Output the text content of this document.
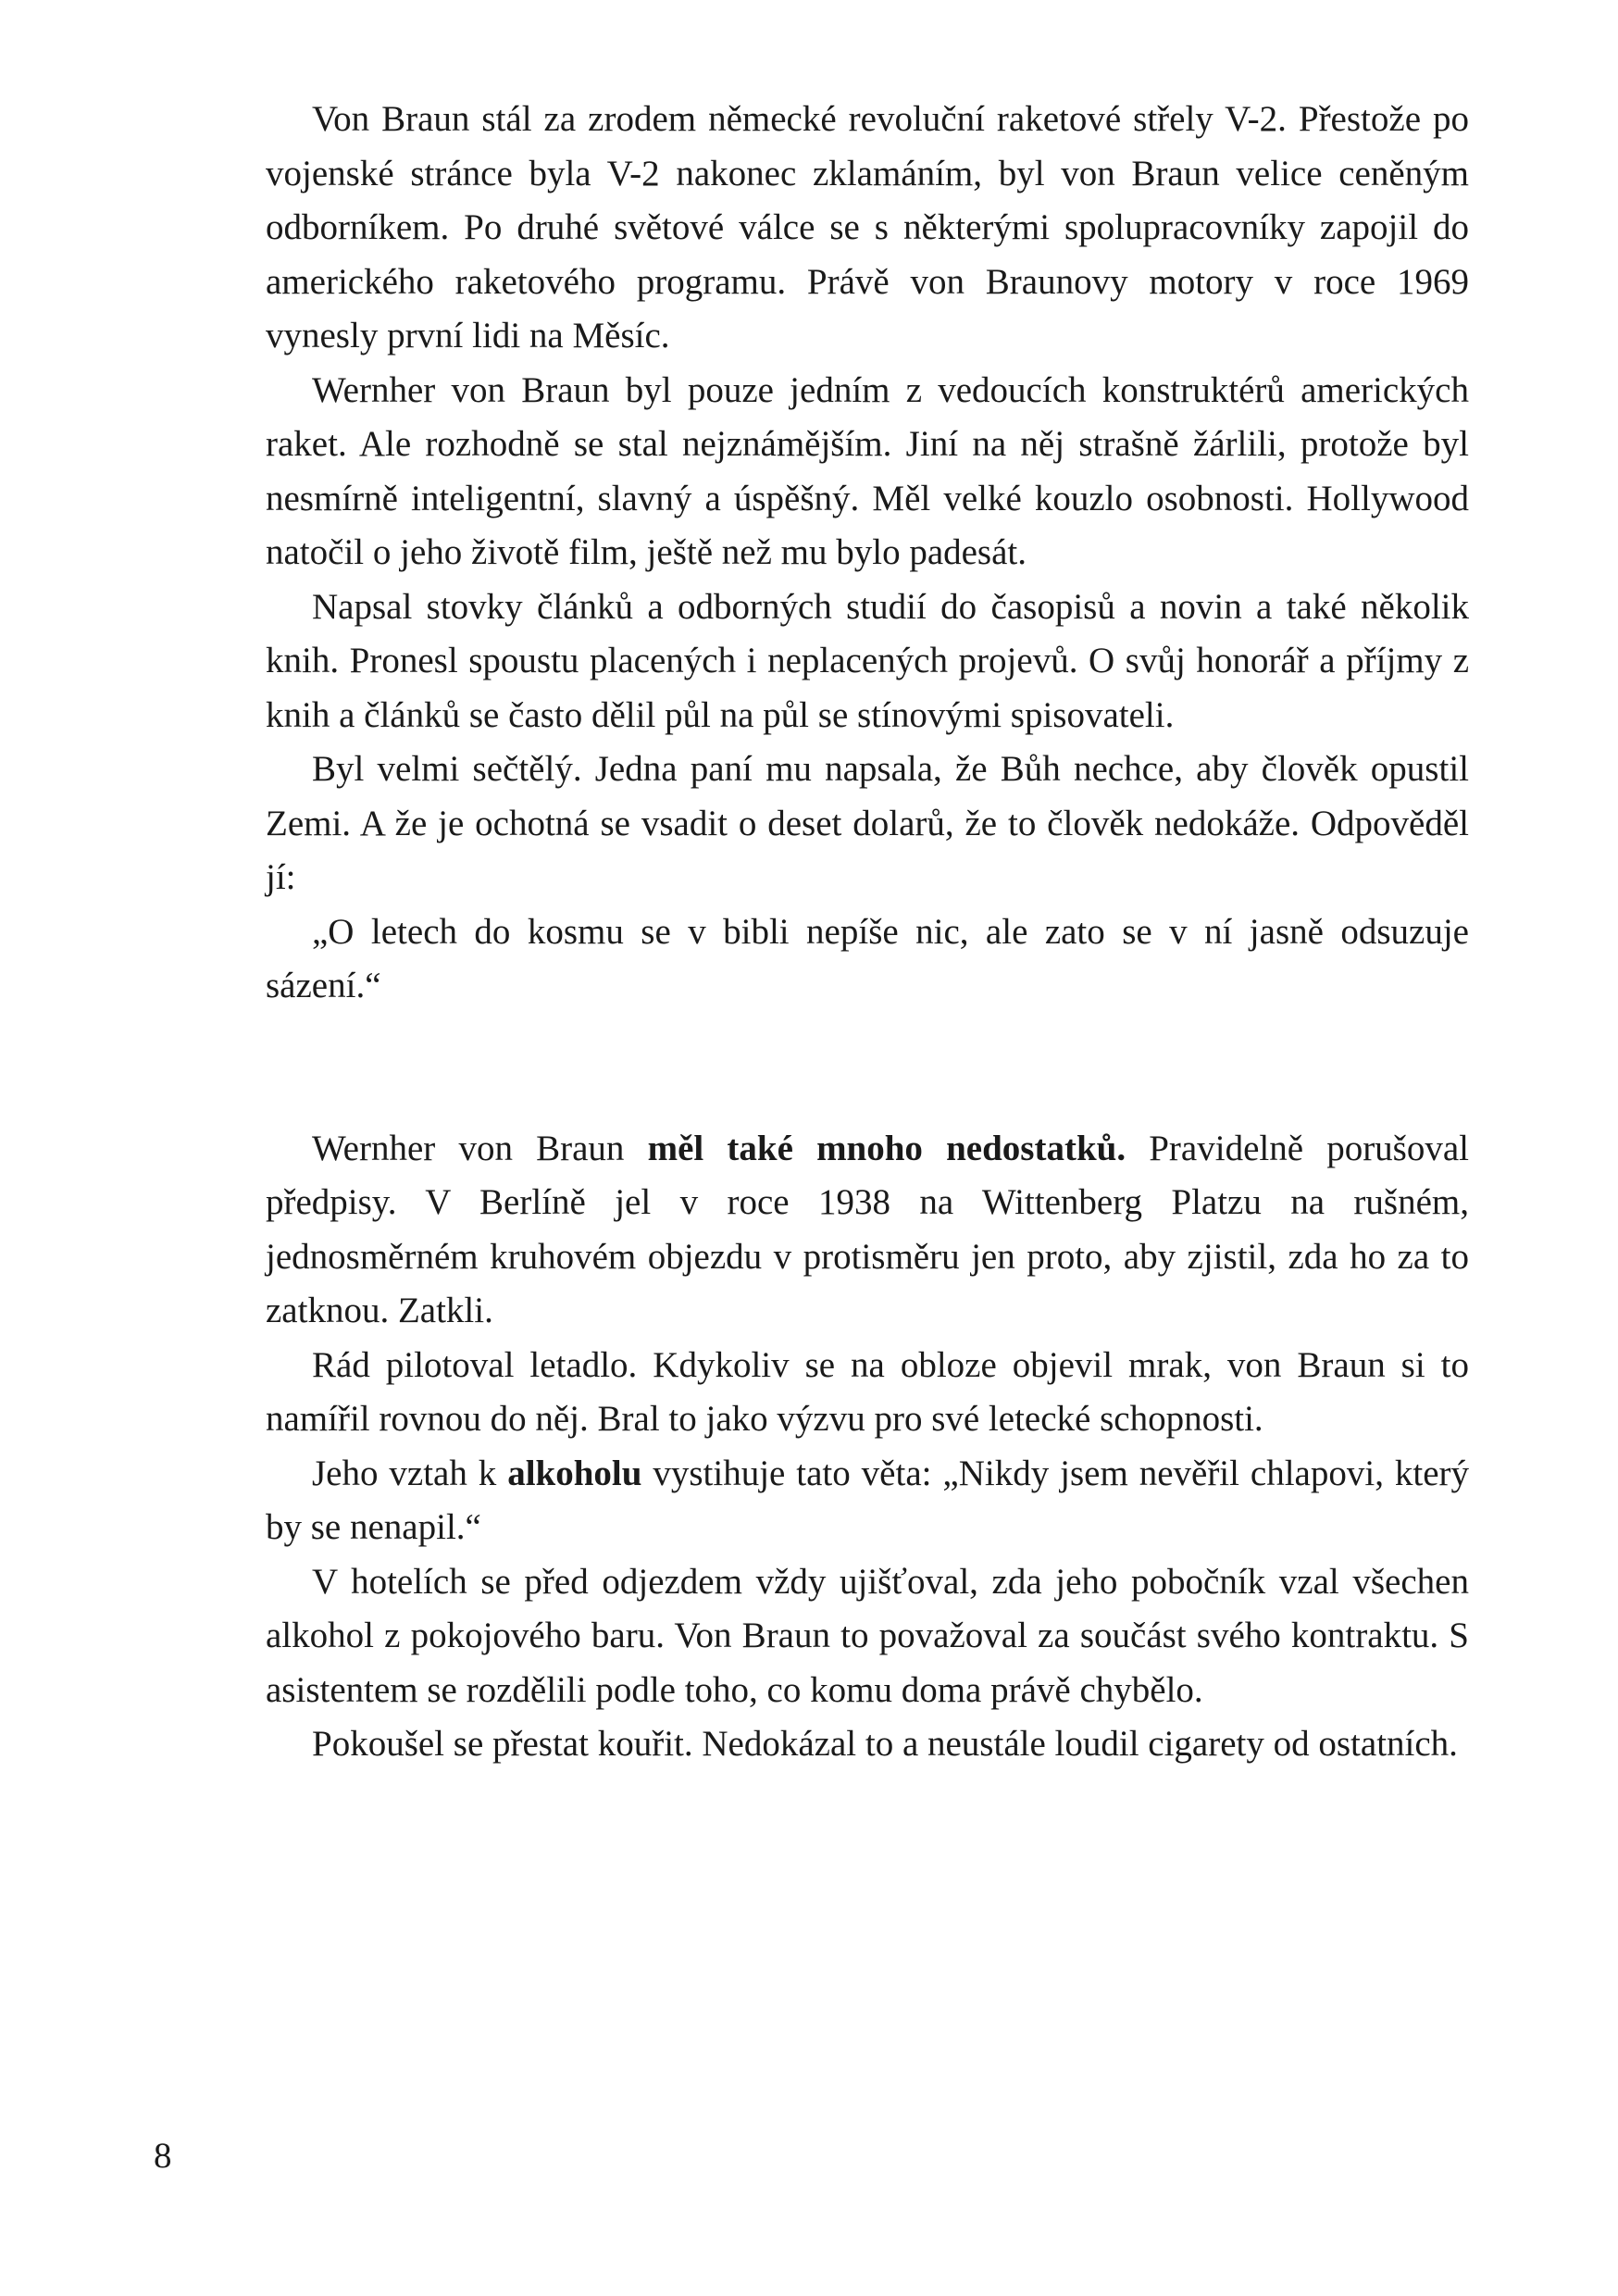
Von Braun stál za zrodem německé revoluční raketové střely V-2. Přestože po vojenské stránce byla V-2 nakonec zklamáním, byl von Braun velice ceněným odborníkem. Po druhé světové válce se s některými spolupracovníky zapojil do amerického raketového programu. Právě von Braunovy motory v roce 1969 vynesly první lidi na Měsíc.

Wernher von Braun byl pouze jedním z vedoucích konstruktérů amerických raket. Ale rozhodně se stal nejznámějším. Jiní na něj strašně žárlili, protože byl nesmírně inteligentní, slavný a úspěšný. Měl velké kouzlo osobnosti. Hollywood natočil o jeho životě film, ještě než mu bylo padesát.

Napsal stovky článků a odborných studií do časopisů a novin a také několik knih. Pronesl spoustu placených i neplacených projevů. O svůj honorář a příjmy z knih a článků se často dělil půl na půl se stínovými spisovateli.

Byl velmi sečtělý. Jedna paní mu napsala, že Bůh nechce, aby člověk opustil Zemi. A že je ochotná se vsadit o deset dolarů, že to člověk nedokáže. Odpověděl jí:

„O letech do kosmu se v bibli nepíše nic, ale zato se v ní jasně odsuzuje sázení.“

Wernher von Braun měl také mnoho nedostatků. Pravidelně porušoval předpisy. V Berlíně jel v roce 1938 na Wittenberg Platzu na rušném, jednosměrném kruhovém objezdu v protisměru jen proto, aby zjistil, zda ho za to zatknou. Zatkli.

Rád pilotoval letadlo. Kdykoliv se na obloze objevil mrak, von Braun si to namířil rovnou do něj. Bral to jako výzvu pro své letecké schopnosti.

Jeho vztah k alkoholu vystihuje tato věta: „Nikdy jsem nevěřil chlapovi, který by se nenapil.“

V hotelích se před odjezdem vždy ujišťoval, zda jeho pobočník vzal všechen alkohol z pokojového baru. Von Braun to považoval za součást svého kontraktu. S asistentem se rozdělili podle toho, co komu doma právě chybělo.

Pokoušel se přestat kouřit. Nedokázal to a neustále loudil cigarety od ostatních.

8
